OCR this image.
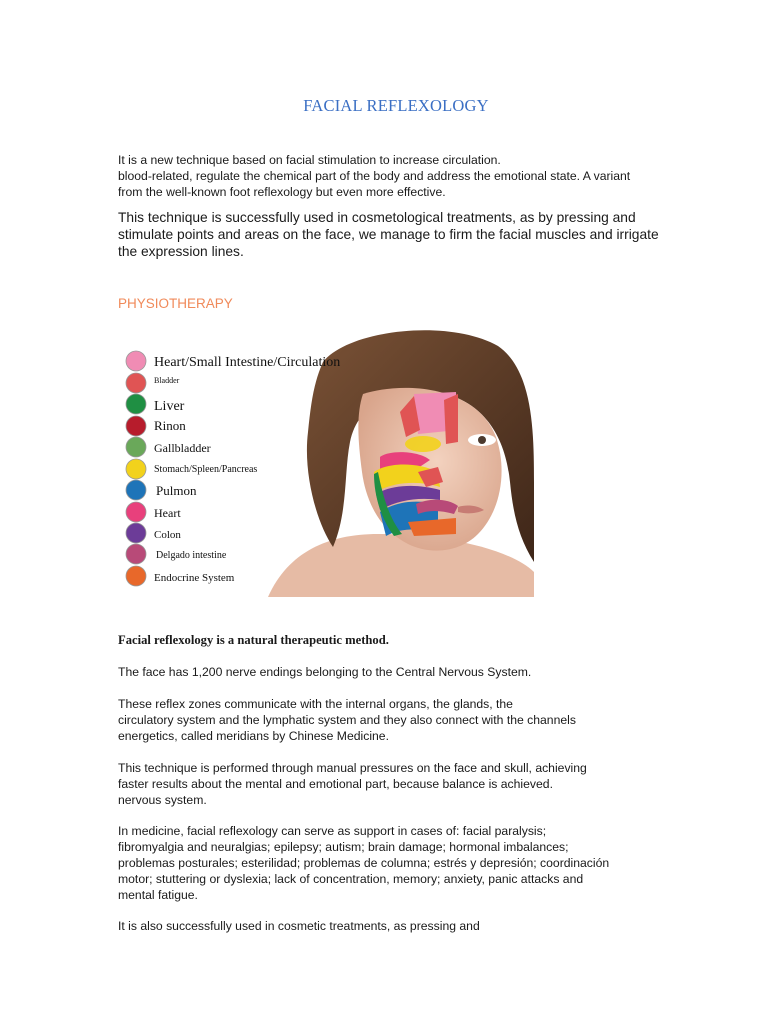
FACIAL REFLEXOLOGY
It is a new technique based on facial stimulation to increase circulation.
blood-related, regulate the chemical part of the body and address the emotional state. A variant
from the well-known foot reflexology but even more effective.
This technique is successfully used in cosmetological treatments, as by pressing and
stimulate points and areas on the face, we manage to firm the facial muscles and irrigate
the expression lines.
PHYSIOTHERAPY
Heart/Small Intestine/Circulation
Bladder
Liver
Rinon
Gallbladder
Stomach/Spleen/Pancreas
Pulmon
Heart
Colon
Delgado intestine
Endocrine System

Facial reflexology is a natural therapeutic method.

The face has 1,200 nerve endings belonging to the Central Nervous System.
These reflex zones communicate with the internal organs, the glands, the
circulatory system and the lymphatic system and they also connect with the channels
energetics, called meridians by Chinese Medicine.
This technique is performed through manual pressures on the face and skull, achieving
faster results about the mental and emotional part, because balance is achieved.
nervous system.
In medicine, facial reflexology can serve as support in cases of: facial paralysis;
fibromyalgia and neuralgias; epilepsy; autism; brain damage; hormonal imbalances;
problemas posturales; esterilidad; problemas de columna; estrés y depresión; coordinación
motor; stuttering or dyslexia; lack of concentration, memory; anxiety, panic attacks and
mental fatigue.
It is also successfully used in cosmetic treatments, as pressing and
